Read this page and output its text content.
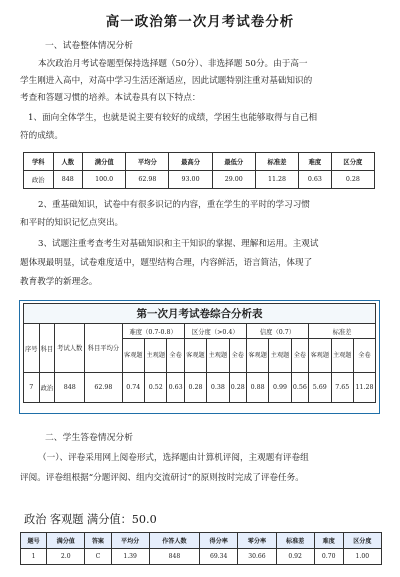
高一政治第一次月考试卷分析
一、试卷整体情况分析
本次政治月考试卷题型保持选择题（50分）、非选择题 50分。由于高一
学生刚进入高中，对高中学习生活还渐适应，因此试题特别注重对基础知识的
考查和答题习惯的培养。本试卷具有以下特点：
1、面向全体学生，也就是说主要有较好的成绩，学困生也能够取得与自己相
符的成绩。
学科	人数	满分值	平均分	最高分	最低分	标准差	难度	区分度
政治	848	100.0	62.98	93.00	29.00	11.28	0.63	0.28
2、重基础知识，试卷中有很多识记的内容，重在学生的平时的学习习惯
和平时的知识记忆点突出。
3、试题注重考查考生对基础知识和主干知识的掌握、理解和运用。主观试
题体现最明显，试卷难度适中，题型结构合理，内容鲜活，语言简洁，体现了
教育教学的新理念。
第一次月考试卷综合分析表															
序号	科目	考试人数	科目平均分	难度（0.7-0.8）			区分度（>0.4）			信度（0.7）			标准差		
				客观题	主观题	全卷	客观题	主观题	全卷	客观题	主观题	全卷	客观题	主观题	全卷
7	政治	848	62.98	0.74	0.52	0.63	0.28	0.38	0.28	0.88	0.99	0.56	5.69	7.65	11.28
二、学生答卷情况分析
（一）、评卷采用网上阅卷形式，选择题由计算机评阅，主观题有评卷组
评阅。评卷组根据“分题评阅、组内交流研讨”的原则按时完成了评卷任务。
政治 客观题 满分值：50.0
题号	满分值	答案	平均分	作答人数	得分率	零分率	标准差	难度	区分度
1	2.0	C	1.39	848	69.34	30.66	0.92	0.70	1.00
